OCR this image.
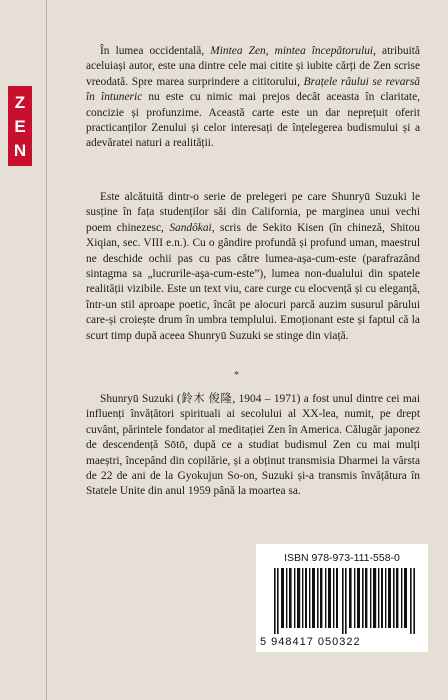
Z
E
N

În lumea occidentală, Mintea Zen, mintea începătorului, atribuită aceluiași autor, este una dintre cele mai citite și iubite cărți de Zen scrise vreodată. Spre marea surprindere a cititorului, Brațele râului se revarsă în întuneric nu este cu nimic mai prejos decât aceasta în claritate, concizie și profunzime. Această carte este un dar neprețuit oferit practicanților Zenului și celor interesați de înțelegerea budismului și a adevăratei naturi a realității.

Este alcătuită dintr-o serie de prelegeri pe care Shunryū Suzuki le susține în fața studenților săi din California, pe marginea unui vechi poem chinezesc, Sandōkai, scris de Sekito Kisen (în chineză, Shitou Xiqian, sec. VIII e.n.). Cu o gândire profundă și profund uman, maestrul ne deschide ochii pas cu pas către lumea-așa-cum-este (parafrazând sintagma sa „lucrurile-așa-cum-este”), lumea non-dualului din spatele realității vizibile. Este un text viu, care curge cu elocvență și cu eleganță, într-un stil aproape poetic, încât pe alocuri parcă auzim susurul pârului care-și croiește drum în umbra templului. Emoționant este și faptul că la scurt timp după aceea Shunryū Suzuki se stinge din viață.

*

Shunryū Suzuki (鈴木 俊隆, 1904 – 1971) a fost unul dintre cei mai influenți învățători spirituali ai secolului al XX-lea, numit, pe drept cuvânt, părintele fondator al meditației Zen în America. Călugăr japonez de descendență Sōtō, după ce a studiat budismul Zen cu mai mulți maeștri, începând din copilărie, și a obținut transmisia Dharmei la vârsta de 22 de ani de la Gyokujun So-on, Suzuki și-a transmis învățătura în Statele Unite din anul 1959 până la moartea sa.

ISBN 978-973-111-558-0
5 948417 050322
